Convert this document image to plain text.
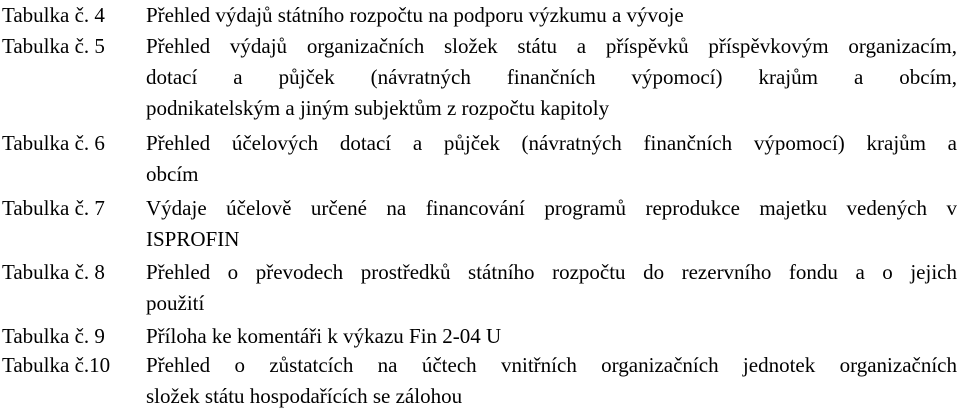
Tabulka č. 4 Přehled výdajů státního rozpočtu na podporu výzkumu a vývoje
Tabulka č. 5 Přehled výdajů organizačních složek státu a příspěvků příspěvkovým organizacím,
dotací a půjček (návratných finančních výpomocí) krajům a obcím,
podnikatelským a jiným subjektům z rozpočtu kapitoly
Tabulka č. 6 Přehled účelových dotací a půjček (návratných finančních výpomocí) krajům a
obcím
Tabulka č. 7 Výdaje účelově určené na financování programů reprodukce majetku vedených v
ISPROFIN
Tabulka č. 8 Přehled o převodech prostředků státního rozpočtu do rezervního fondu a o jejich
použití
Tabulka č. 9 Příloha ke komentáři k výkazu Fin 2-04 U
Tabulka č.10 Přehled o zůstatcích na účtech vnitřních organizačních jednotek organizačních
složek státu hospodařících se zálohou
